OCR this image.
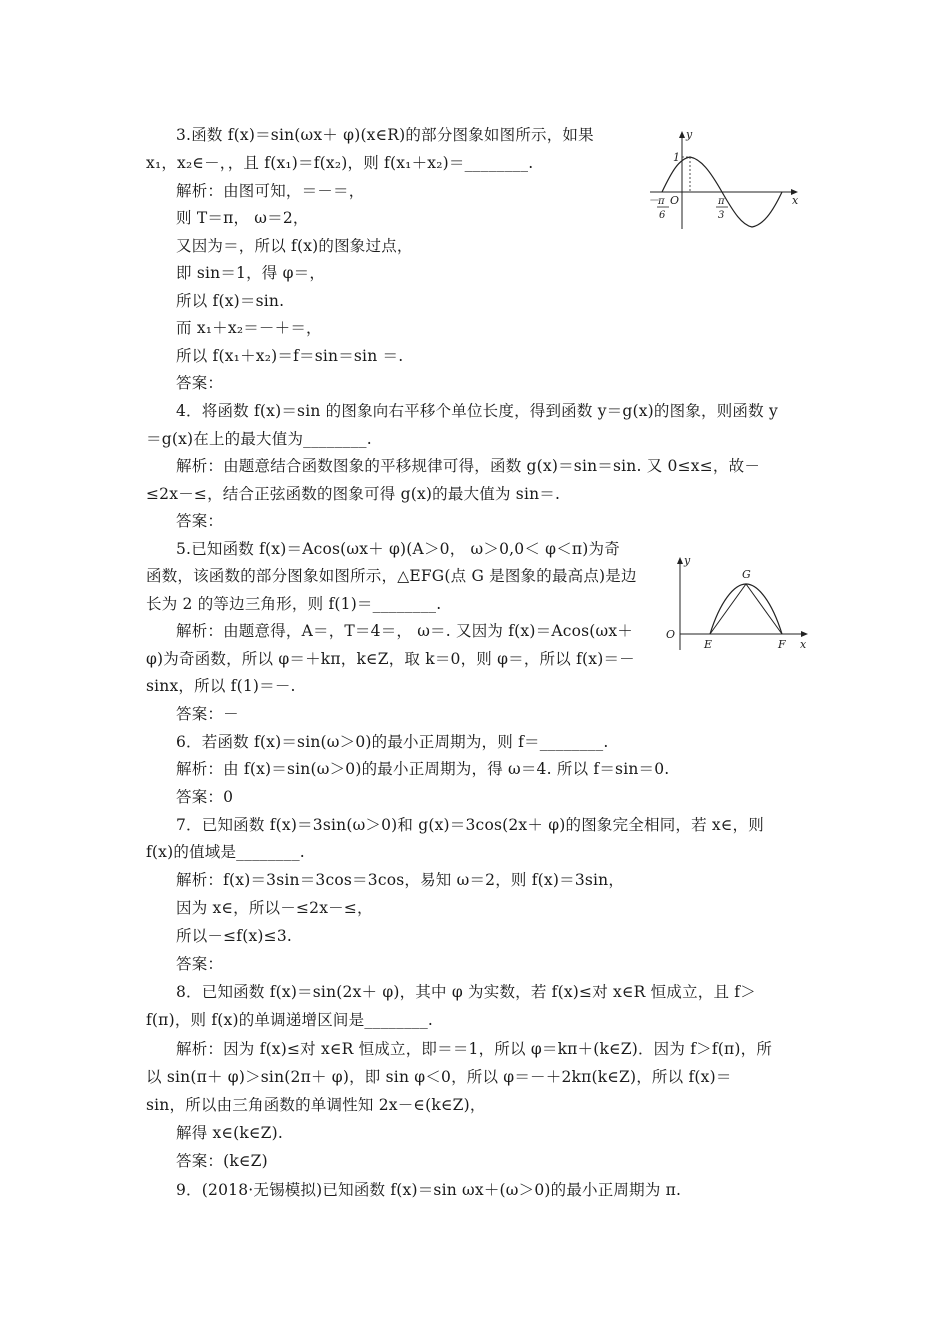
3.函数 f(x)＝sin(ωx＋ φ)(x∈R)的部分图象如图所示，如果
x₁，x₂∈－，，且 f(x₁)＝f(x₂)，则 f(x₁＋x₂)＝________.
解析：由图可知，＝－＝，
则 T＝π， ω＝2，
又因为＝，所以 f(x)的图象过点，
即 sin＝1，得 φ＝，
所以 f(x)＝sin.
而 x₁＋x₂＝－＋＝，
所以 f(x₁＋x₂)＝f＝sin＝sin ＝.
答案：
4．将函数 f(x)＝sin 的图象向右平移个单位长度，得到函数 y＝g(x)的图象，则函数 y
＝g(x)在上的最大值为________.
解析：由题意结合函数图象的平移规律可得，函数 g(x)＝sin＝sin. 又 0≤x≤，故－
≤2x－≤，结合正弦函数的图象可得 g(x)的最大值为 sin＝.
答案：
5.已知函数 f(x)＝Acos(ωx＋ φ)(A＞0， ω＞0,0＜ φ＜π)为奇
函数，该函数的部分图象如图所示，△EFG(点 G 是图象的最高点)是边
长为 2 的等边三角形，则 f(1)＝________.
解析：由题意得，A＝，T＝4＝， ω＝. 又因为 f(x)＝Acos(ωx＋
φ)为奇函数，所以 φ＝＋kπ，k∈Z，取 k＝0，则 φ＝，所以 f(x)＝－
sinx，所以 f(1)＝－.
答案：－
6．若函数 f(x)＝sin(ω＞0)的最小正周期为，则 f＝________.
解析：由 f(x)＝sin(ω＞0)的最小正周期为，得 ω＝4. 所以 f＝sin＝0.
答案：0
7．已知函数 f(x)＝3sin(ω＞0)和 g(x)＝3cos(2x＋ φ)的图象完全相同，若 x∈，则
f(x)的值域是________.
解析：f(x)＝3sin＝3cos＝3cos，易知 ω＝2，则 f(x)＝3sin，
因为 x∈，所以－≤2x－≤，
所以－≤f(x)≤3.
答案：
8．已知函数 f(x)＝sin(2x＋ φ)，其中 φ 为实数，若 f(x)≤对 x∈R 恒成立，且 f＞
f(π)，则 f(x)的单调递增区间是________.
解析：因为 f(x)≤对 x∈R 恒成立，即＝＝1，所以 φ＝kπ＋(k∈Z)．因为 f＞f(π)，所
以 sin(π＋ φ)＞sin(2π＋ φ)，即 sin φ＜0，所以 φ＝－＋2kπ(k∈Z)，所以 f(x)＝
sin，所以由三角函数的单调性知 2x－∈(k∈Z)，
解得 x∈(k∈Z).
答案：(k∈Z)
9．(2018·无锡模拟)已知函数 f(x)＝sin ωx＋(ω＞0)的最小正周期为 π.
y
1
O	x
－ π
6
π
3
y
G
O
E	F x
